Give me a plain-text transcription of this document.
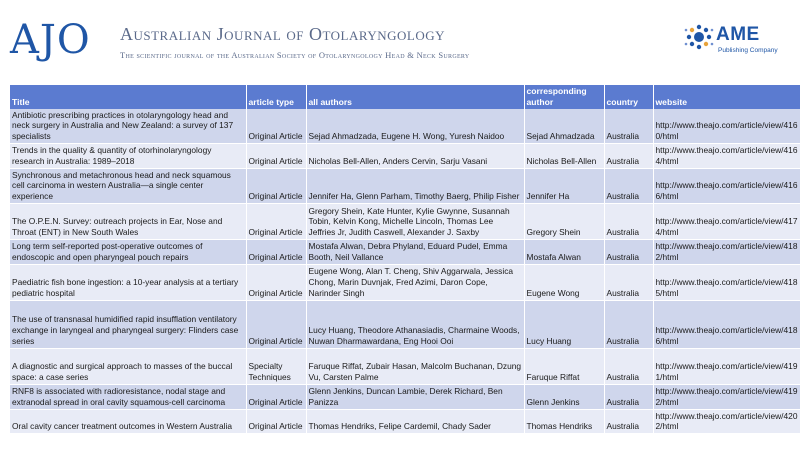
AJO Australian Journal of Otolaryngology
The scientific journal of the Australian Society of Otolaryngology Head & Neck Surgery
AME
Publishing Company
Title	article type	all authors	corresponding author	country	website
Antibiotic prescribing practices in otolaryngology head and neck surgery in Australia and New Zealand: a survey of 137 specialists	Original Article	Sejad Ahmadzada, Eugene H. Wong, Yuresh Naidoo	Sejad Ahmadzada	Australia	http://www.theajo.com/article/view/4160/html
Trends in the quality & quantity of otorhinolaryngology research in Australia: 1989–2018	Original Article	Nicholas Bell-Allen, Anders Cervin, Sarju Vasani	Nicholas Bell-Allen	Australia	http://www.theajo.com/article/view/4164/html
Synchronous and metachronous head and neck squamous cell carcinoma in western Australia—a single center experience	Original Article	Jennifer Ha, Glenn Parham, Timothy Baerg, Philip Fisher	Jennifer Ha	Australia	http://www.theajo.com/article/view/4166/html
The O.P.E.N. Survey: outreach projects in Ear, Nose and Throat (ENT) in New South Wales	Original Article	Gregory Shein, Kate Hunter, Kylie Gwynne, Susannah Tobin, Kelvin Kong, Michelle Lincoln, Thomas Lee Jeffries Jr, Judith Caswell, Alexander J. Saxby	Gregory Shein	Australia	http://www.theajo.com/article/view/4174/html
Long term self-reported post-operative outcomes of endoscopic and open pharyngeal pouch repairs	Original Article	Mostafa Alwan, Debra Phyland, Eduard Pudel, Emma Booth, Neil Vallance	Mostafa Alwan	Australia	http://www.theajo.com/article/view/4182/html
Paediatric fish bone ingestion: a 10-year analysis at a tertiary pediatric hospital	Original Article	Eugene Wong, Alan T. Cheng, Shiv Aggarwala, Jessica Chong, Marin Duvnjak, Fred Azimi, Daron Cope, Narinder Singh	Eugene Wong	Australia	http://www.theajo.com/article/view/4185/html
The use of transnasal humidified rapid insufflation ventilatory exchange in laryngeal and pharyngeal surgery: Flinders case series	Original Article	Lucy Huang, Theodore Athanasiadis, Charmaine Woods, Nuwan Dharmawardana, Eng Hooi Ooi	Lucy Huang	Australia	http://www.theajo.com/article/view/4186/html
A diagnostic and surgical approach to masses of the buccal space: a case series	Specialty Techniques	Faruque Riffat, Zubair Hasan, Malcolm Buchanan, Dzung Vu, Carsten Palme	Faruque Riffat	Australia	http://www.theajo.com/article/view/4191/html
RNF8 is associated with radioresistance, nodal stage and extranodal spread in oral cavity squamous-cell carcinoma	Original Article	Glenn Jenkins, Duncan Lambie, Derek Richard, Ben Panizza	Glenn Jenkins	Australia	http://www.theajo.com/article/view/4192/html
Oral cavity cancer treatment outcomes in Western Australia	Original Article	Thomas Hendriks, Felipe Cardemil, Chady Sader	Thomas Hendriks	Australia	http://www.theajo.com/article/view/4202/html
